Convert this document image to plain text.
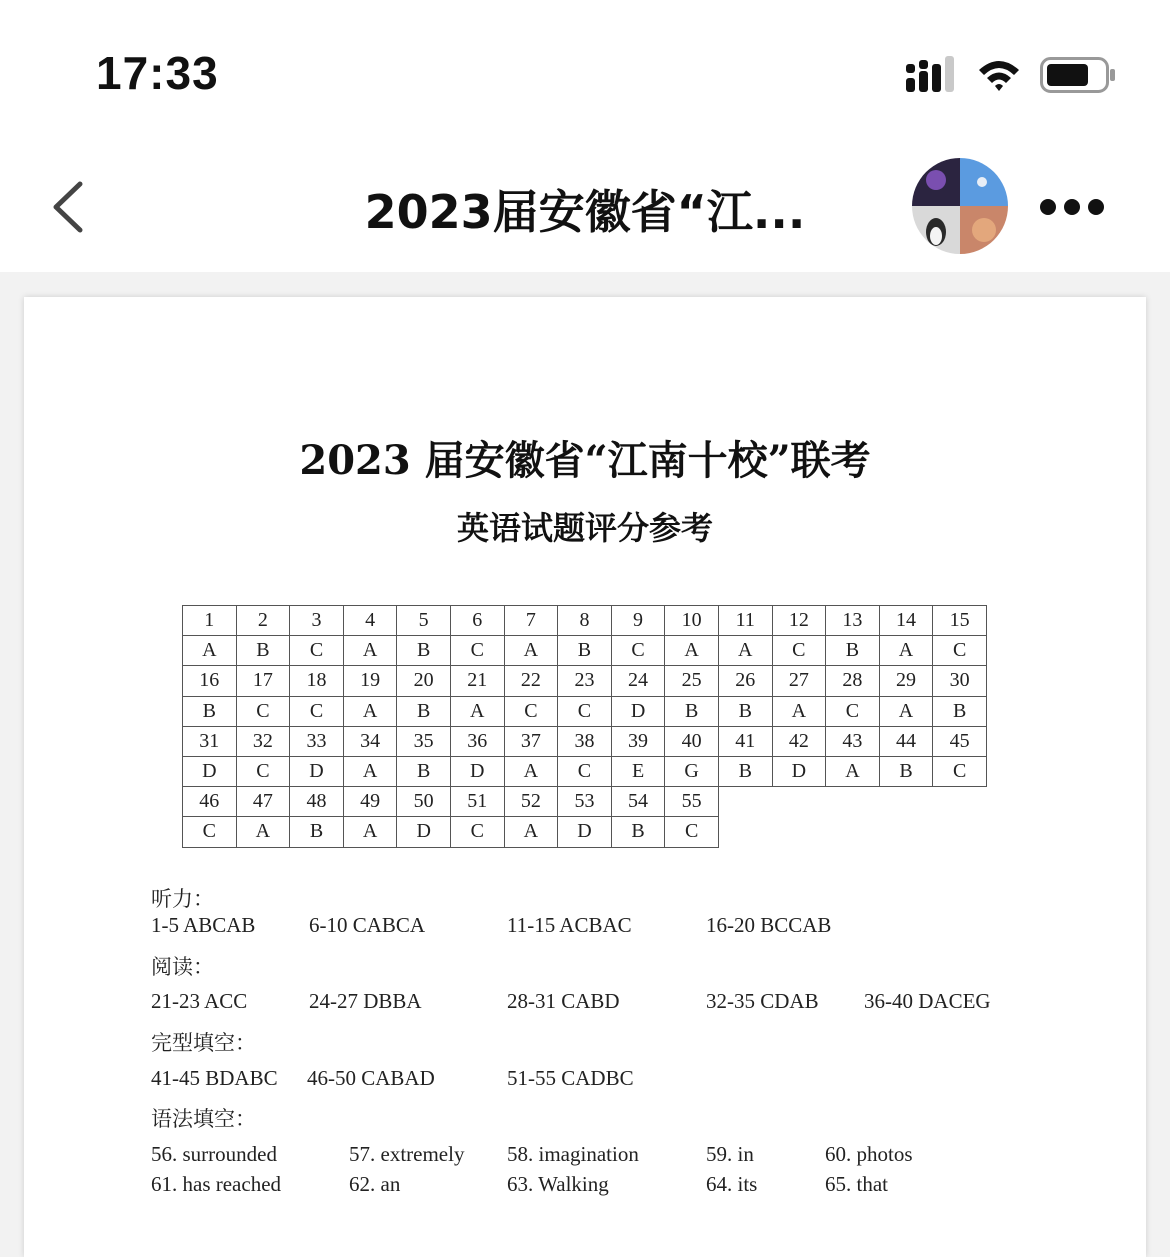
17:33
2023届安徽省“江...
2023 届安徽省“江南十校”联考
英语试题评分参考
1	2	3	4	5	6	7	8	9	10	11	12	13	14	15
A	B	C	A	B	C	A	B	C	A	A	C	B	A	C
16	17	18	19	20	21	22	23	24	25	26	27	28	29	30
B	C	C	A	B	A	C	C	D	B	B	A	C	A	B
31	32	33	34	35	36	37	38	39	40	41	42	43	44	45
D	C	D	A	B	D	A	C	E	G	B	D	A	B	C
46	47	48	49	50	51	52	53	54	55					
C	A	B	A	D	C	A	D	B	C					
听力：
1-5 ABCAB	6-10 CABCA	11-15 ACBAC	16-20 BCCAB
阅读：
21-23 ACC	24-27 DBBA	28-31 CABD	32-35 CDAB 36-40 DACEG
完型填空：
41-45 BDABC 46-50 CABAD	51-55 CADBC
语法填空：
56. surrounded	57. extremely 58. imagination	59. in	60. photos
61. has reached	62. an	63. Walking	64. its	65. that
